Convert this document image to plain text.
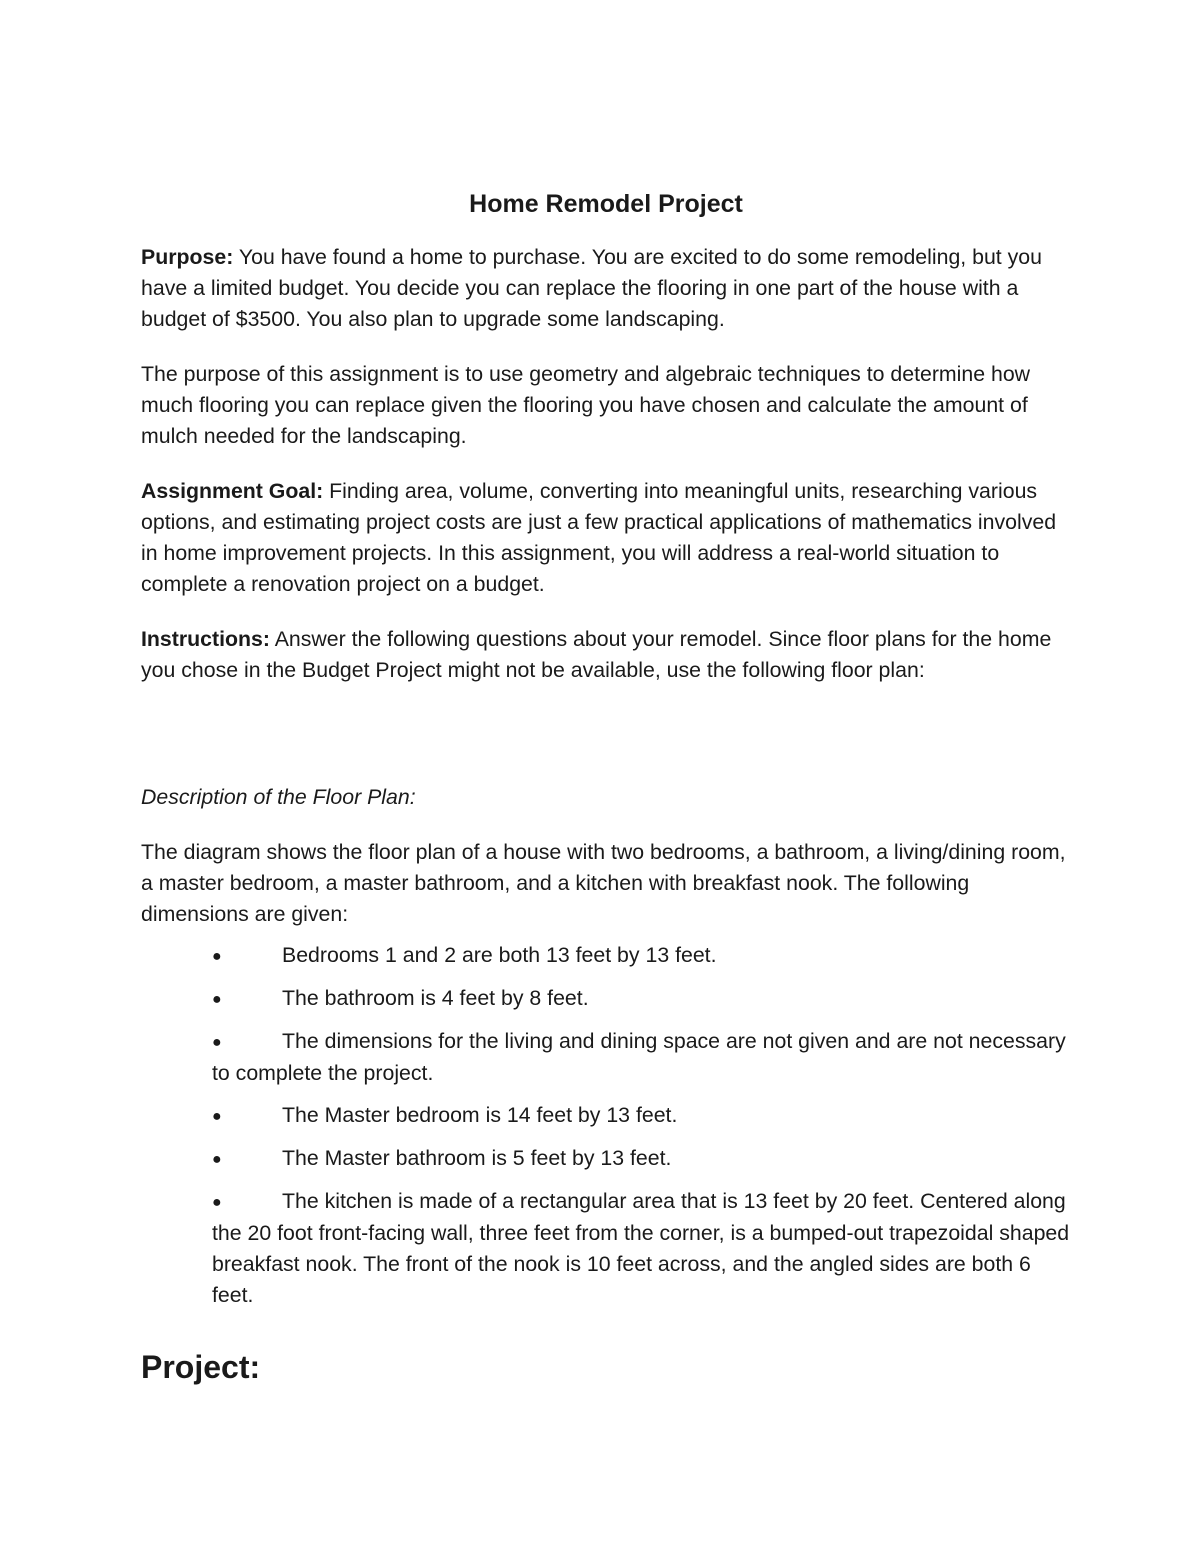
Home Remodel Project

Purpose: You have found a home to purchase. You are excited to do some remodeling, but you have a limited budget. You decide you can replace the flooring in one part of the house with a budget of $3500. You also plan to upgrade some landscaping.

The purpose of this assignment is to use geometry and algebraic techniques to determine how much flooring you can replace given the flooring you have chosen and calculate the amount of mulch needed for the landscaping.

Assignment Goal: Finding area, volume, converting into meaningful units, researching various options, and estimating project costs are just a few practical applications of mathematics involved in home improvement projects. In this assignment, you will address a real-world situation to complete a renovation project on a budget.

Instructions: Answer the following questions about your remodel. Since floor plans for the home you chose in the Budget Project might not be available, use the following floor plan:

Description of the Floor Plan:

The diagram shows the floor plan of a house with two bedrooms, a bathroom, a living/dining room, a master bedroom, a master bathroom, and a kitchen with breakfast nook. The following dimensions are given:

●	Bedrooms 1 and 2 are both 13 feet by 13 feet.
●	The bathroom is 4 feet by 8 feet.
●	The dimensions for the living and dining space are not given and are not necessary to complete the project.
●	The Master bedroom is 14 feet by 13 feet.
●	The Master bathroom is 5 feet by 13 feet.
●	The kitchen is made of a rectangular area that is 13 feet by 20 feet. Centered along the 20 foot front-facing wall, three feet from the corner, is a bumped-out trapezoidal shaped breakfast nook. The front of the nook is 10 feet across, and the angled sides are both 6 feet.
Project:
